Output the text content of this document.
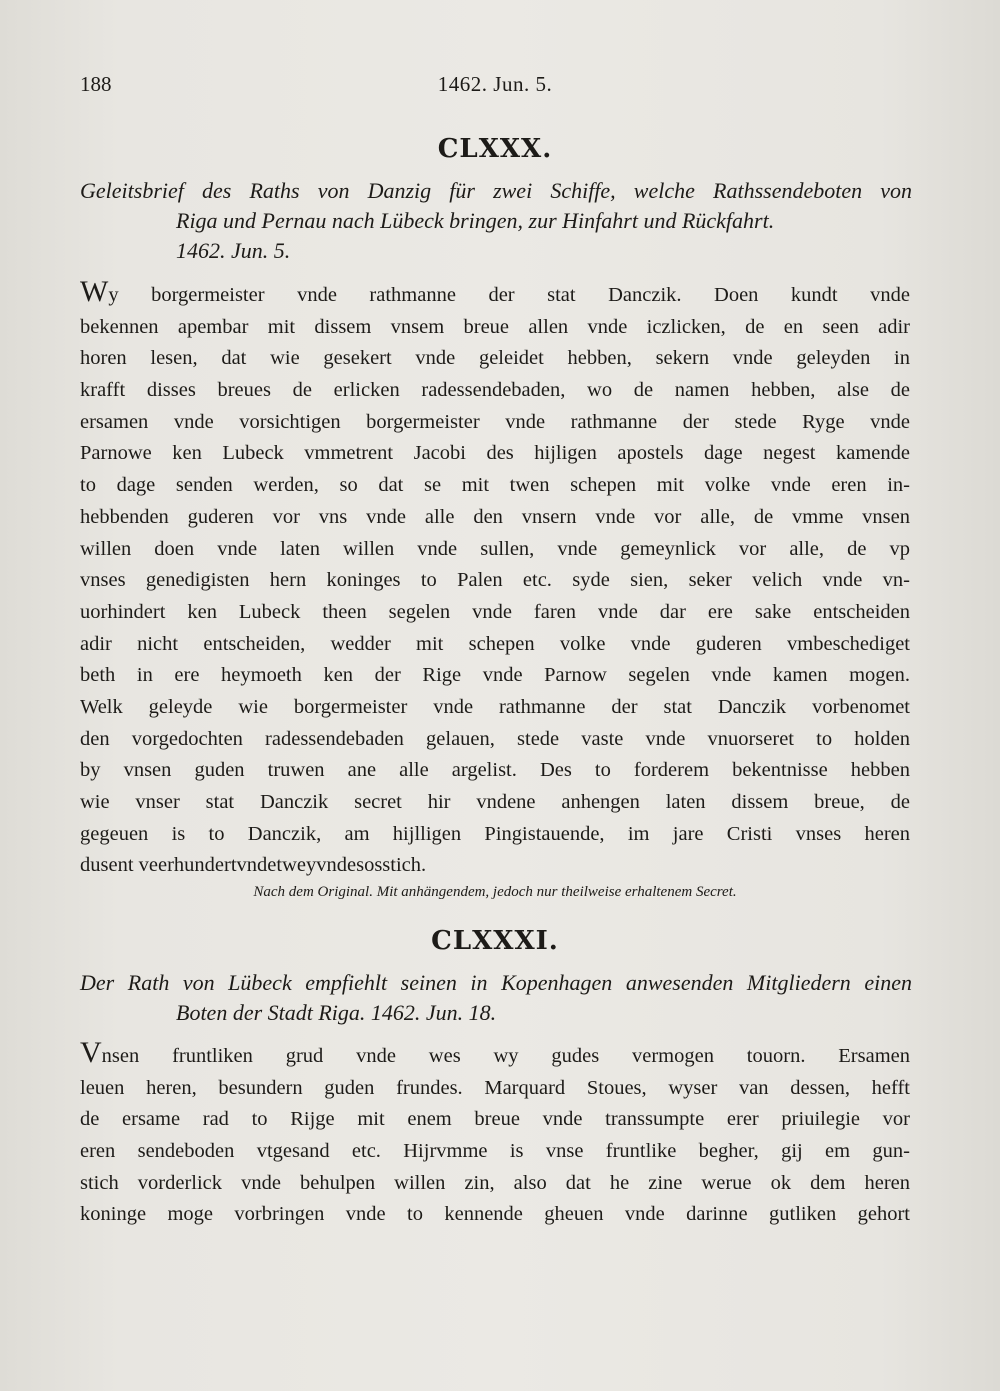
188	1462. Jun. 5.
CLXXX.
Geleitsbrief des Raths von Danzig für zwei Schiffe, welche Rathssendeboten von
Riga und Pernau nach Lübeck bringen, zur Hinfahrt und Rückfahrt.
1462. Jun. 5.
Wy borgermeister vnde rathmanne der stat Danczik. Doen kundt vnde
bekennen apembar mit dissem vnsem breue allen vnde iczlicken, de en seen adir
horen lesen, dat wie gesekert vnde geleidet hebben, sekern vnde geleyden in
krafft disses breues de erlicken radessendebaden, wo de namen hebben, alse de
ersamen vnde vorsichtigen borgermeister vnde rathmanne der stede Ryge vnde
Parnowe ken Lubeck vmmetrent Jacobi des hijligen apostels dage negest kamende
to dage senden werden, so dat se mit twen schepen mit volke vnde eren in-
hebbenden guderen vor vns vnde alle den vnsern vnde vor alle, de vmme vnsen
willen doen vnde laten willen vnde sullen, vnde gemeynlick vor alle, de vp
vnses genedigisten hern koninges to Palen etc. syde sien, seker velich vnde vn-
uorhindert ken Lubeck theen segelen vnde faren vnde dar ere sake entscheiden
adir nicht entscheiden, wedder mit schepen volke vnde guderen vmbeschediget
beth in ere heymoeth ken der Rige vnde Parnow segelen vnde kamen mogen.
Welk geleyde wie borgermeister vnde rathmanne der stat Danczik vorbenomet
den vorgedochten radessendebaden gelauen, stede vaste vnde vnuorseret to holden
by vnsen guden truwen ane alle argelist. Des to forderem bekentnisse hebben
wie vnser stat Danczik secret hir vndene anhengen laten dissem breue, de
gegeuen is to Danczik, am hijlligen Pingistauende, im jare Cristi vnses heren
dusent veerhundertvndetweyvndesosstich.
Nach dem Original. Mit anhängendem, jedoch nur theilweise erhaltenem Secret.
CLXXXI.
Der Rath von Lübeck empfiehlt seinen in Kopenhagen anwesenden Mitgliedern einen
Boten der Stadt Riga. 1462. Jun. 18.
Vnsen fruntliken grud vnde wes wy gudes vermogen touorn. Ersamen
leuen heren, besundern guden frundes. Marquard Stoues, wyser van dessen, hefft
de ersame rad to Rijge mit enem breue vnde transsumpte erer priuilegie vor
eren sendeboden vtgesand etc. Hijrvmme is vnse fruntlike begher, gij em gun-
stich vorderlick vnde behulpen willen zin, also dat he zine werue ok dem heren
koninge moge vorbringen vnde to kennende gheuen vnde darinne gutliken gehort
